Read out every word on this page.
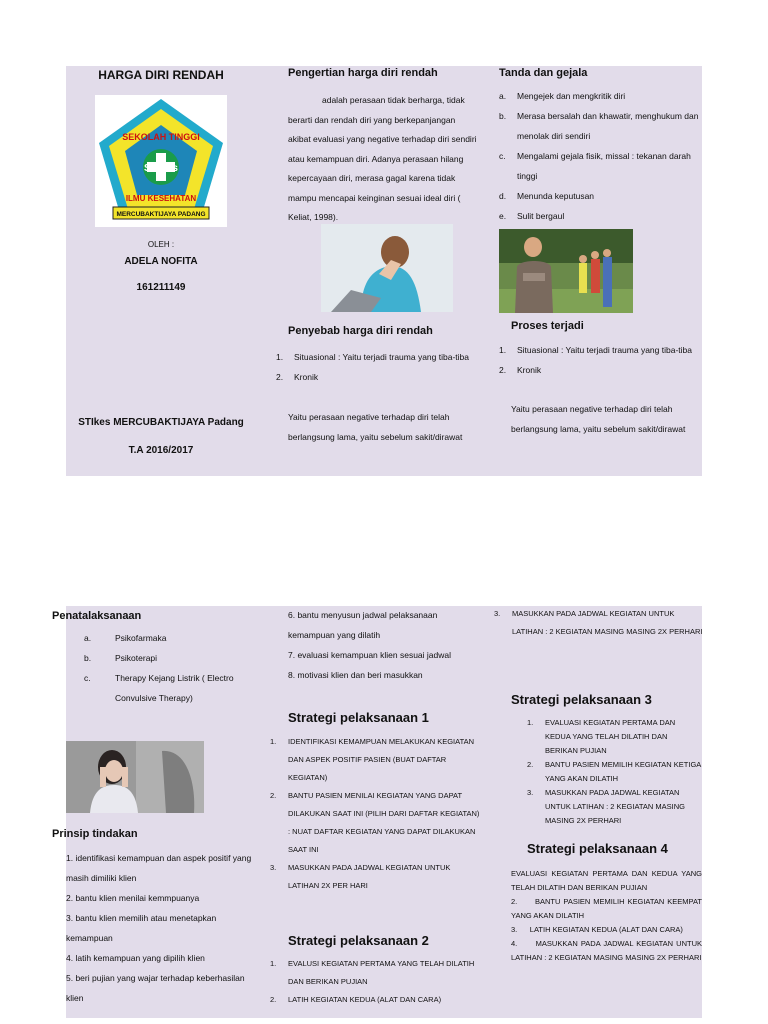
HARGA DIRI RENDAH
SEKOLAH TINGGI
STIKes
ILMU KESEHATAN
MERCUBAKTIJAYA PADANG
OLEH :
ADELA NOFITA
161211149
STIkes MERCUBAKTIJAYA Padang
T.A 2016/2017
Pengertian harga diri rendah
adalah perasaan tidak berharga, tidak berarti dan rendah diri yang berkepanjangan akibat evaluasi yang negative terhadap diri sendiri atau kemampuan diri. Adanya perasaan hilang kepercayaan diri, merasa gagal karena tidak mampu mencapai keinginan sesuai ideal diri ( Keliat, 1998).
Penyebab harga diri rendah
1. Situasional : Yaitu terjadi trauma yang tiba-tiba
2. Kronik
Yaitu perasaan negative terhadap diri telah berlangsung lama, yaitu sebelum sakit/dirawat
Tanda dan gejala
a. Mengejek dan mengkritik diri
b. Merasa bersalah dan khawatir, menghukum dan menolak diri sendiri
c. Mengalami gejala fisik, missal : tekanan darah tinggi
d. Menunda keputusan
e. Sulit bergaul
Proses terjadi
1. Situasional : Yaitu terjadi trauma yang tiba-tiba
2. Kronik
Yaitu perasaan negative terhadap diri telah berlangsung lama, yaitu sebelum sakit/dirawat
Penatalaksanaan
a.	Psikofarmaka
b.	Psikoterapi
c.	Therapy Kejang Listrik ( Electro Convulsive Therapy)
Prinsip tindakan
1. identifikasi kemampuan dan aspek positif yang masih dimiliki klien
2. bantu klien menilai kemmpuanya
3. bantu klien memilih atau menetapkan kemampuan
4. latih kemampuan yang dipilih klien
5. beri pujian yang wajar terhadap keberhasilan klien
6. bantu menyusun jadwal pelaksanaan kemampuan yang dilatih
7. evaluasi kemampuan klien sesuai jadwal
8. motivasi klien dan beri masukkan
Strategi pelaksanaan 1
1. IDENTIFIKASI KEMAMPUAN MELAKUKAN KEGIATAN DAN ASPEK POSITIF PASIEN (BUAT DAFTAR KEGIATAN)
2. BANTU PASIEN MENILAI KEGIATAN YANG DAPAT DILAKUKAN SAAT INI (PILIH DARI DAFTAR KEGIATAN) : NUAT DAFTAR KEGIATAN YANG DAPAT DILAKUKAN SAAT INI
3. MASUKKAN PADA JADWAL KEGIATAN UNTUK LATIHAN 2X PER HARI
Strategi pelaksanaan 2
1. EVALUSI KEGIATAN PERTAMA YANG TELAH DILATIH DAN BERIKAN PUJIAN
2. LATIH KEGIATAN KEDUA (ALAT DAN CARA)
3. MASUKKAN PADA JADWAL KEGIATAN UNTUK LATIHAN : 2 KEGIATAN MASING MASING 2X PERHARI
Strategi pelaksanaan 3
1. EVALUASI KEGIATAN PERTAMA DAN KEDUA YANG TELAH DILATIH DAN BERIKAN PUJIAN
2. BANTU PASIEN MEMILIH KEGIATAN KETIGA YANG AKAN DILATIH
3. MASUKKAN PADA JADWAL KEGIATAN UNTUK LATIHAN : 2 KEGIATAN MASING MASING 2X PERHARI
Strategi pelaksanaan 4
EVALUASI KEGIATAN PERTAMA DAN KEDUA YANG TELAH DILATIH DAN BERIKAN PUJIAN
2. BANTU PASIEN MEMILIH KEGIATAN KEEMPAT YANG AKAN DILATIH
3. LATIH KEGIATAN KEDUA (ALAT DAN CARA)
4. MASUKKAN PADA JADWAL KEGIATAN UNTUK LATIHAN : 2 KEGIATAN MASING MASING 2X PERHARI
